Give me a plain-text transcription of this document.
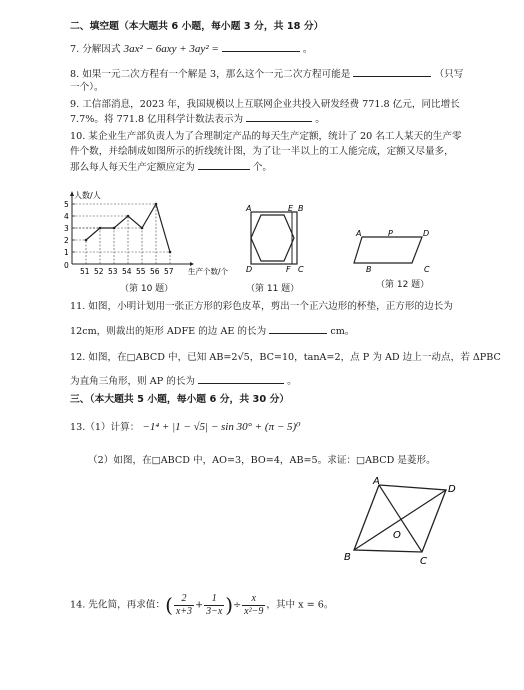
二、填空题（本大题共 6 小题，每小题 3 分，共 18 分）
7. 分解因式 3ax² − 6axy + 3ay² =	。
8. 如果一元二次方程有一个解是 3，那么这个一元二次方程可能是	（只写
一个）。
9. 工信部消息，2023 年，我国规模以上互联网企业共投入研发经费 771.8 亿元，同比增长
7.7%。将 771.8 亿用科学计数法表示为	。
10. 某企业生产部负责人为了合理制定产品的每天生产定额，统计了 20 名工人某天的生产零
件个数，并绘制成如图所示的折线统计图，为了让一半以上的工人能完成，定额又尽量多，
那么每人每天生产定额应定为	个。
人数/人
生产个数/个
0
1
2
3
4
5
51 52 53 54 55 56 57
（第 10 题）
A	E B
D	F C
（第 11 题）
A	P	D
B	C
（第 12 题）
11. 如图，小明计划用一张正方形的彩色皮革，剪出一个正六边形的杯垫，正方形的边长为
12cm，则裁出的矩形 ADFE 的边 AE 的长为	cm。
12. 如图，在□ABCD 中，已知 AB=2√5，BC=10，tanA=2，点 P 为 AD 边上一动点，若 ΔPBC
为直角三角形，则 AP 的长为	。
三、（本大题共 5 小题，每小题 6 分，共 30 分）
13.（1）计算： −1⁴ + |1 − √5| − sin 30° + (π − 5)⁰
（2）如图，在□ABCD 中，AO=3，BO=4，AB=5。求证：□ABCD 是菱形。
A
D
O
B	C
14. 先化简，再求值：( $\frac{2}{x+3} + \frac{1}{3-x}$ )÷ $\frac{x}{\text{x²−9}}$ ，其中 x = 6。
